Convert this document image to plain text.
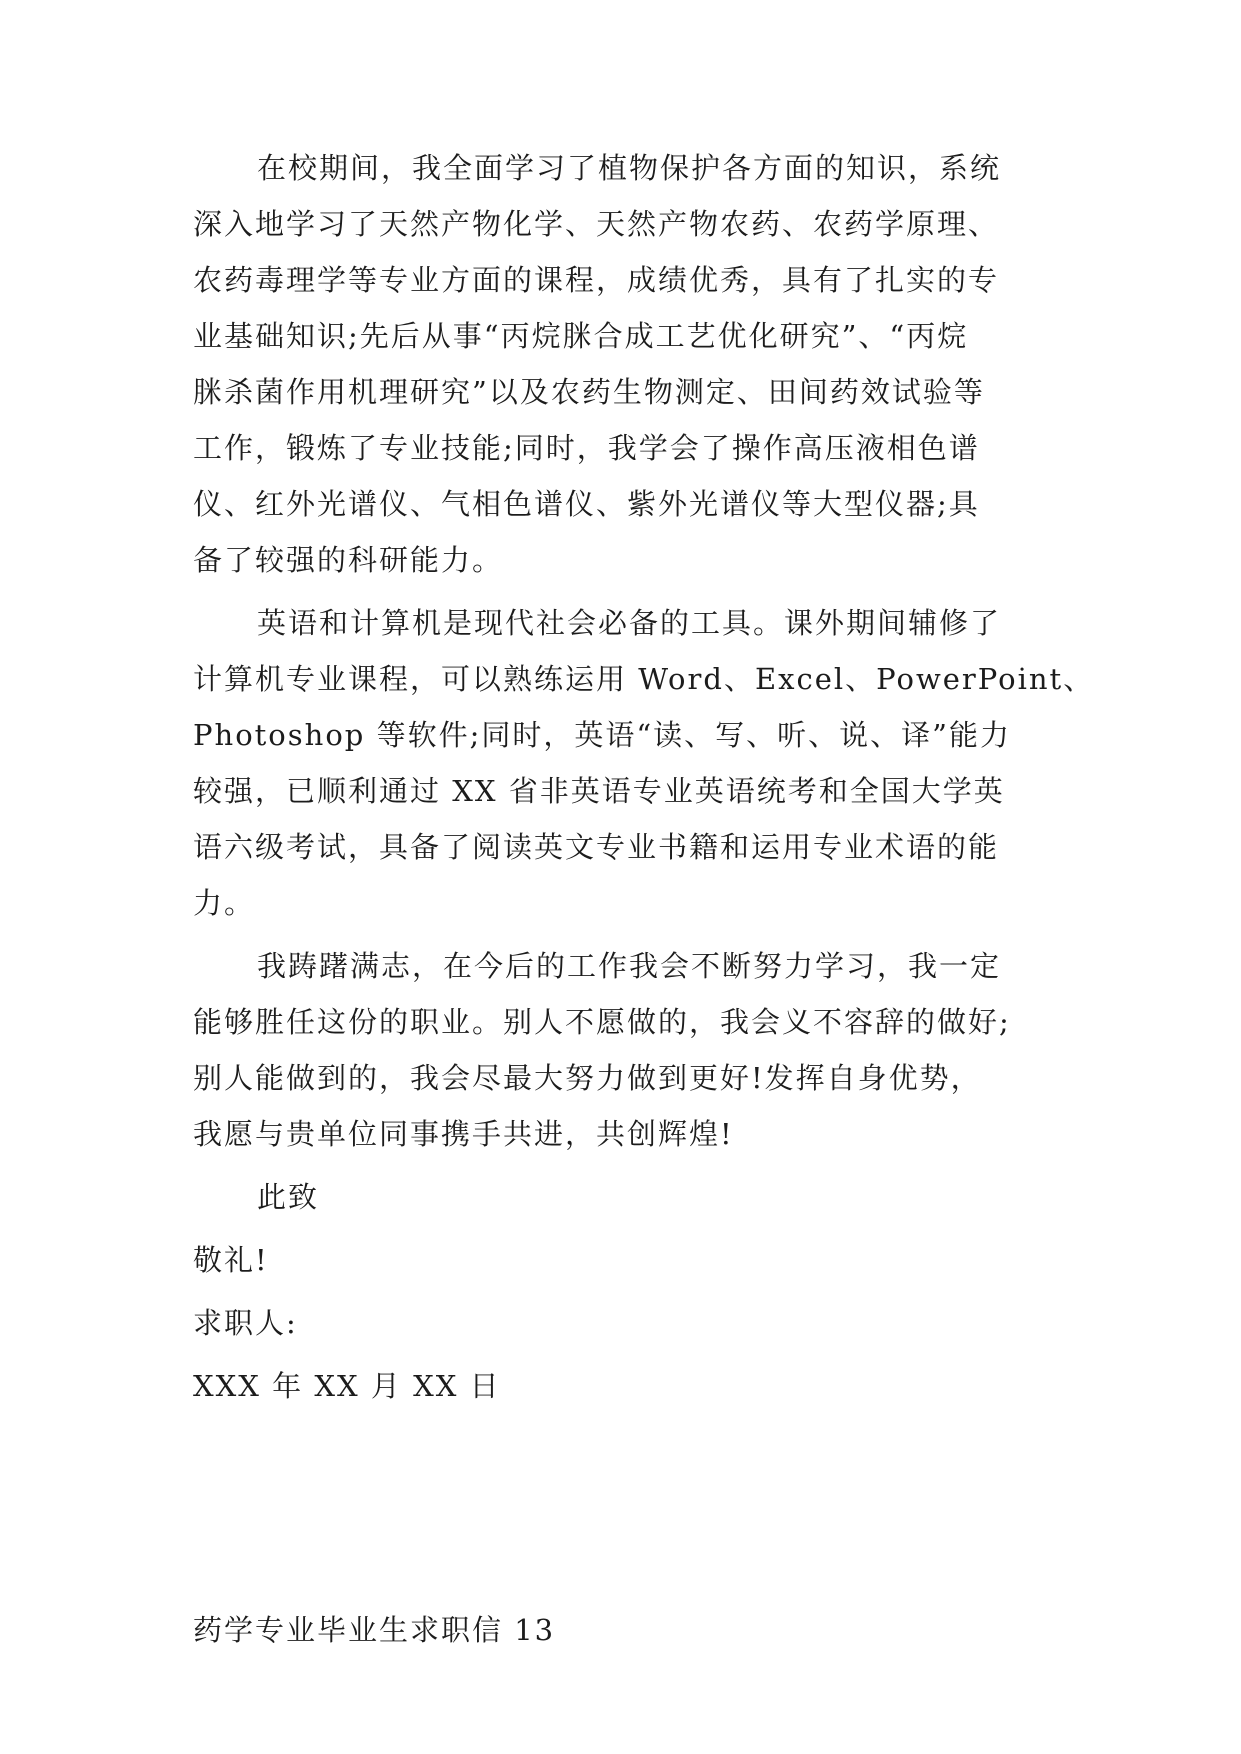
在校期间，我全面学习了植物保护各方面的知识，系统

深入地学习了天然产物化学、天然产物农药、农药学原理、

农药毒理学等专业方面的课程，成绩优秀，具有了扎实的专

业基础知识;先后从事“丙烷脒合成工艺优化研究”、“丙烷

脒杀菌作用机理研究”以及农药生物测定、田间药效试验等

工作，锻炼了专业技能;同时，我学会了操作高压液相色谱

仪、红外光谱仪、气相色谱仪、紫外光谱仪等大型仪器;具

备了较强的科研能力。

英语和计算机是现代社会必备的工具。课外期间辅修了

计算机专业课程，可以熟练运用 Word、Excel、PowerPoint、

Photoshop 等软件;同时，英语“读、写、听、说、译”能力

较强，已顺利通过 XX 省非英语专业英语统考和全国大学英

语六级考试，具备了阅读英文专业书籍和运用专业术语的能

力。

我踌躇满志，在今后的工作我会不断努力学习，我一定

能够胜任这份的职业。别人不愿做的，我会义不容辞的做好;

别人能做到的，我会尽最大努力做到更好!发挥自身优势，

我愿与贵单位同事携手共进，共创辉煌!

此致

敬礼!

求职人:

XXX 年 XX 月 XX 日

药学专业毕业生求职信 13
